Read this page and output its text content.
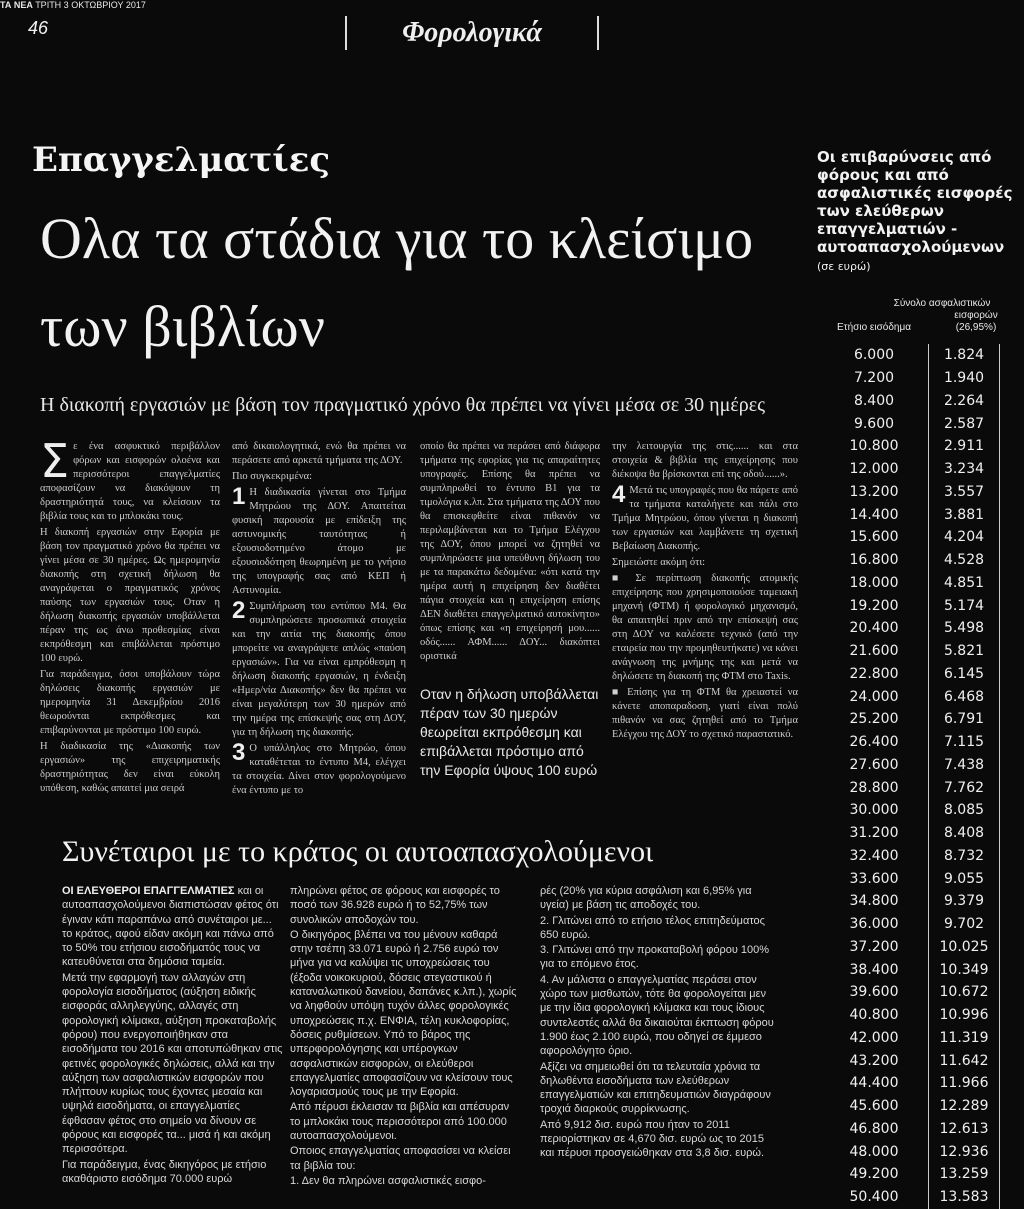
ΤΑ ΝΕΑ ΤΡΙΤΗ 3 ΟΚΤΩΒΡΙΟΥ 2017
46	Φορολογικά
Επαγγελματίες
Ολα τα στάδια για το κλείσιμο των βιβλίων
Η διακοπή εργασιών με βάση τον πραγματικό χρόνο θα πρέπει να γίνει μέσα σε 30 ημέρες
Σ ε ένα ασφυκτικό περιβάλλον φόρων και εισφορών ολοένα και περισσότεροι επαγγελματίες αποφασίζουν να διακόψουν τη δραστηριότητά τους, να κλείσουν τα βιβλία τους και το μπλοκάκι τους.

Η διακοπή εργασιών στην Εφορία με βάση τον πραγματικό χρόνο θα πρέπει να γίνει μέσα σε 30 ημέρες. Ως ημερομηνία διακοπής στη σχετική δήλωση θα αναγράφεται ο πραγματικός χρόνος παύσης των εργασιών τους. Οταν η δήλωση διακοπής εργασιών υποβάλλεται πέραν της ως άνω προθεσμίας είναι εκπρόθεσμη και επιβάλλεται πρόστιμο 100 ευρώ.

Για παράδειγμα, όσοι υποβάλουν τώρα δηλώσεις διακοπής εργασιών με ημερομηνία 31 Δεκεμβρίου 2016 θεωρούνται εκπρόθεσμες και επιβαρύνονται με πρόστιμο 100 ευρώ.

Η διαδικασία της «Διακοπής των εργασιών» της επιχειρηματικής δραστηριότητας δεν είναι εύκολη υπόθεση, καθώς απαιτεί μια σειρά

από δικαιολογητικά, ενώ θα πρέπει να περάσετε από αρκετά τμήματα της ΔΟΥ.

Πιο συγκεκριμένα:

1 Η διαδικασία γίνεται στο Τμήμα Μητρώου της ΔΟΥ. Απαιτείται φυσική παρουσία με επίδειξη της αστυνομικής ταυτότητας ή εξουσιοδοτημένο άτομο με εξουσιοδότηση θεωρημένη με το γνήσιο της υπογραφής σας από ΚΕΠ ή Αστυνομία.

2 Συμπλήρωση του εντύπου Μ4. Θα συμπληρώσετε προσωπικά στοιχεία και την αιτία της διακοπής όπου μπορείτε να αναγράψετε απλώς «παύση εργασιών». Για να είναι εμπρόθεσμη η δήλωση διακοπής εργασιών, η ένδειξη «Ημερ/νία Διακοπής» δεν θα πρέπει να είναι μεγαλύτερη των 30 ημερών από την ημέρα της επίσκεψής σας στη ΔΟΥ, για τη δήλωση της διακοπής.

3 Ο υπάλληλος στο Μητρώο, όπου καταθέτεται το έντυπο Μ4, ελέγχει τα στοιχεία. Δίνει στον φορολογούμενο ένα έντυπο με το

οποίο θα πρέπει να περάσει από διάφορα τμήματα της εφορίας για τις απαραίτητες υπογραφές. Επίσης θα πρέπει να συμπληρωθεί το έντυπο Β1 για τα τιμολόγια κ.λπ. Στα τμήματα της ΔΟΥ που θα επισκεφθείτε είναι πιθανόν να περιλαμβάνεται και το Τμήμα Ελέγχου της ΔΟΥ, όπου μπορεί να ζητηθεί να συμπληρώσετε μια υπεύθυνη δήλωση του με τα παρακάτω δεδομένα: «ότι κατά την ημέρα αυτή η επιχείρηση δεν διαθέτει πάγια στοιχεία και η επιχείρηση επίσης ΔΕΝ διαθέτει επαγγελματικό αυτοκίνητο» όπως επίσης και «η επιχείρησή μου...... οδός...... ΑΦΜ...... ΔΟΥ... διακόπτει οριστικά

Οταν η δήλωση υποβάλλεται πέραν των 30 ημερών θεωρείται εκπρόθεσμη και επιβάλλεται πρόστιμο από την Εφορία ύψους 100 ευρώ

την λειτουργία της στις...... και στα στοιχεία & βιβλία της επιχείρησης που διέκοψα θα βρίσκονται επί της οδού......».

4 Μετά τις υπογραφές που θα πάρετε από τα τμήματα καταλήγετε και πάλι στο Τμήμα Μητρώου, όπου γίνεται η διακοπή των εργασιών και λαμβάνετε τη σχετική Βεβαίωση Διακοπής.

Σημειώστε ακόμη ότι:

■ Σε περίπτωση διακοπής ατομικής επιχείρησης που χρησιμοποιούσε ταμειακή μηχανή (ΦΤΜ) ή φορολογικό μηχανισμό, θα απαιτηθεί πριν από την επίσκεψή σας στη ΔΟΥ να καλέσετε τεχνικό (από την εταιρεία που την προμηθευτήκατε) να κάνει ανάγνωση της μνήμης της και μετά να δηλώσετε τη διακοπή της ΦΤΜ στο Taxis.

■ Επίσης για τη ΦΤΜ θα χρειαστεί να κάνετε αποπαραδοση, γιατί είναι πολύ πιθανόν να σας ζητηθεί από το Τμήμα Ελέγχου της ΔΟΥ το σχετικό παραστατικό.

Συνέταιροι με το κράτος οι αυτοαπασχολούμενοι

ΟΙ ΕΛΕΥΘΕΡΟΙ ΕΠΑΓΓΕΛΜΑΤΙΕΣ και οι αυτοαπασχολούμενοι διαπιστώσαν φέτος ότι έγιναν κάτι παραπάνω από συνέταιροι με... το κράτος, αφού είδαν ακόμη και πάνω από το 50% του ετήσιου εισοδήματός τους να κατευθύνεται στα δημόσια ταμεία.

Μετά την εφαρμογή των αλλαγών στη φορολογία εισοδήματος (αύξηση ειδικής εισφοράς αλληλεγγύης, αλλαγές στη φορολογική κλίμακα, αύξηση προκαταβολής φόρου) που ενεργοποιήθηκαν στα εισοδήματα του 2016 και αποτυπώθηκαν στις φετινές φορολογικές δηλώσεις, αλλά και την αύξηση των ασφαλιστικών εισφορών που πλήττουν κυρίως τους έχοντες μεσαία και υψηλά εισοδήματα, οι επαγγελματίες έφθασαν φέτος στο σημείο να δίνουν σε φόρους και εισφορές τα... μισά ή και ακόμη περισσότερα.

Για παράδειγμα, ένας δικηγόρος με ετήσιο ακαθάριστο εισόδημα 70.000 ευρώ

πληρώνει φέτος σε φόρους και εισφορές το ποσό των 36.928 ευρώ ή το 52,75% των συνολικών αποδοχών του.

Ο δικηγόρος βλέπει να του μένουν καθαρά στην τσέπη 33.071 ευρώ ή 2.756 ευρώ τον μήνα για να καλύψει τις υποχρεώσεις του (έξοδα νοικοκυριού, δόσεις στεγαστικού ή καταναλωτικού δανείου, δαπάνες κ.λπ.), χωρίς να ληφθούν υπόψη τυχόν άλλες φορολογικές υποχρεώσεις π.χ. ΕΝΦΙΑ, τέλη κυκλοφορίας, δόσεις ρυθμίσεων. Υπό το βάρος της υπερφορολόγησης και υπέρογκων ασφαλιστικών εισφορών, οι ελεύθεροι επαγγελματίες αποφασίζουν να κλείσουν τους λογαριασμούς τους με την Εφορία.

Από πέρυσι έκλεισαν τα βιβλία και απέσυραν το μπλοκάκι τους περισσότεροι από 100.000 αυτοαπασχολούμενοι.

Οποιος επαγγελματίας αποφασίσει να κλείσει τα βιβλία του:

1. Δεν θα πληρώνει ασφαλιστικές εισφο-

ρές (20% για κύρια ασφάλιση και 6,95% για υγεία) με βάση τις αποδοχές του.

2. Γλιτώνει από το ετήσιο τέλος επιτηδεύματος 650 ευρώ.

3. Γλιτώνει από την προκαταβολή φόρου 100% για το επόμενο έτος.

4. Αν μάλιστα ο επαγγελματίας περάσει στον χώρο των μισθωτών, τότε θα φορολογείται μεν με την ίδια φορολογική κλίμακα και τους ίδιους συντελεστές αλλά θα δικαιούται έκπτωση φόρου 1.900 έως 2.100 ευρώ, που οδηγεί σε έμμεσο αφορολόγητο όριο.

Αξίζει να σημειωθεί ότι τα τελευταία χρόνια τα δηλωθέντα εισοδήματα των ελεύθερων επαγγελματιών και επιτηδευματιών διαγράφουν τροχιά διαρκούς συρρίκνωσης.

Από 9,912 δισ. ευρώ που ήταν το 2011 περιορίστηκαν σε 4,670 δισ. ευρώ ως το 2015 και πέρυσι προσγειώθηκαν στα 3,8 δισ. ευρώ.

Οι επιβαρύνσεις από φόρους και από ασφαλιστικές εισφορές των ελεύθερων επαγγελματιών - αυτοαπασχολούμενων (σε ευρώ)
Σύνολο ασφαλιστικών
εισφορών
Ετήσιο εισόδημα	(26,95%)
6.000	1.824
7.200	1.940
8.400	2.264
9.600	2.587
10.800	2.911
12.000	3.234
13.200	3.557
14.400	3.881
15.600	4.204
16.800	4.528
18.000	4.851
19.200	5.174
20.400	5.498
21.600	5.821
22.800	6.145
24.000	6.468
25.200	6.791
26.400	7.115
27.600	7.438
28.800	7.762
30.000	8.085
31.200	8.408
32.400	8.732
33.600	9.055
34.800	9.379
36.000	9.702
37.200	10.025
38.400	10.349
39.600	10.672
40.800	10.996
42.000	11.319
43.200	11.642
44.400	11.966
45.600	12.289
46.800	12.613
48.000	12.936
49.200	13.259
50.400	13.583
